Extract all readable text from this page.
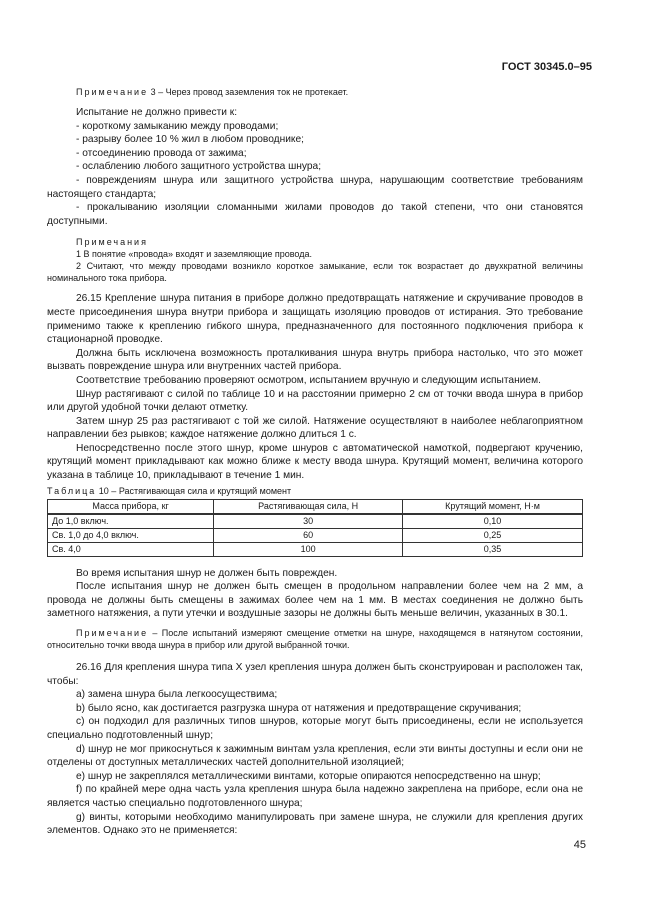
ГОСТ 30345.0–95

Примечание 3 – Через провод заземления ток не протекает.

Испытание не должно привести к:

- короткому замыканию между проводами;

- разрыву более 10 % жил в любом проводнике;

- отсоединению провода от зажима;

- ослаблению любого защитного устройства шнура;

- повреждениям шнура или защитного устройства шнура, нарушающим соответствие требованиям настоящего стандарта;

- прокалыванию изоляции сломанными жилами проводов до такой степени, что они становятся доступными.

Примечания

1 В понятие «провода» входят и заземляющие провода.

2 Считают, что между проводами возникло короткое замыкание, если ток возрастает до двухкратной величины номинального тока прибора.

26.15 Крепление шнура питания в приборе должно предотвращать натяжение и скручивание проводов в месте присоединения шнура внутри прибора и защищать изоляцию проводов от истирания. Это требование применимо также к креплению гибкого шнура, предназначенного для постоянного подключения прибора к стационарной проводке.

Должна быть исключена возможность проталкивания шнура внутрь прибора настолько, что это может вызвать повреждение шнура или внутренних частей прибора.

Соответствие требованию проверяют осмотром, испытанием вручную и следующим испытанием.

Шнур растягивают с силой по таблице 10 и на расстоянии примерно 2 см от точки ввода шнура в прибор или другой удобной точки делают отметку.

Затем шнур 25 раз растягивают с той же силой. Натяжение осуществляют в наиболее неблагоприятном направлении без рывков; каждое натяжение должно длиться 1 с.

Непосредственно после этого шнур, кроме шнуров с автоматической намоткой, подвергают кручению, крутящий момент прикладывают как можно ближе к месту ввода шнура. Крутящий момент, величина которого указана в таблице 10, прикладывают в течение 1 мин.

Таблица 10 – Растягивающая сила и крутящий момент

Масса прибора, кг	Растягивающая сила, Н	Крутящий момент, Н·м
До 1,0 включ.	30	0,10
Св. 1,0 до 4,0 включ.	60	0,25
Св. 4,0	100	0,35

Во время испытания шнур не должен быть поврежден.

После испытания шнур не должен быть смещен в продольном направлении более чем на 2 мм, а провода не должны быть смещены в зажимах более чем на 1 мм. В местах соединения не должно быть заметного натяжения, а пути утечки и воздушные зазоры не должны быть меньше величин, указанных в 30.1.

Примечание – После испытаний измеряют смещение отметки на шнуре, находящемся в натянутом состоянии, относительно точки ввода шнура в прибор или другой выбранной точки.

26.16 Для крепления шнура типа X узел крепления шнура должен быть сконструирован и расположен так, чтобы:

a) замена шнура была легкоосуществима;

b) было ясно, как достигается разгрузка шнура от натяжения и предотвращение скручивания;

c) он подходил для различных типов шнуров, которые могут быть присоединены, если не используется специально подготовленный шнур;

d) шнур не мог прикоснуться к зажимным винтам узла крепления, если эти винты доступны и если они не отделены от доступных металлических частей дополнительной изоляцией;

e) шнур не закреплялся металлическими винтами, которые опираются непосредственно на шнур;

f) по крайней мере одна часть узла крепления шнура была надежно закреплена на приборе, если она не является частью специально подготовленного шнура;

g) винты, которыми необходимо манипулировать при замене шнура, не служили для крепления других элементов. Однако это не применяется:

45
